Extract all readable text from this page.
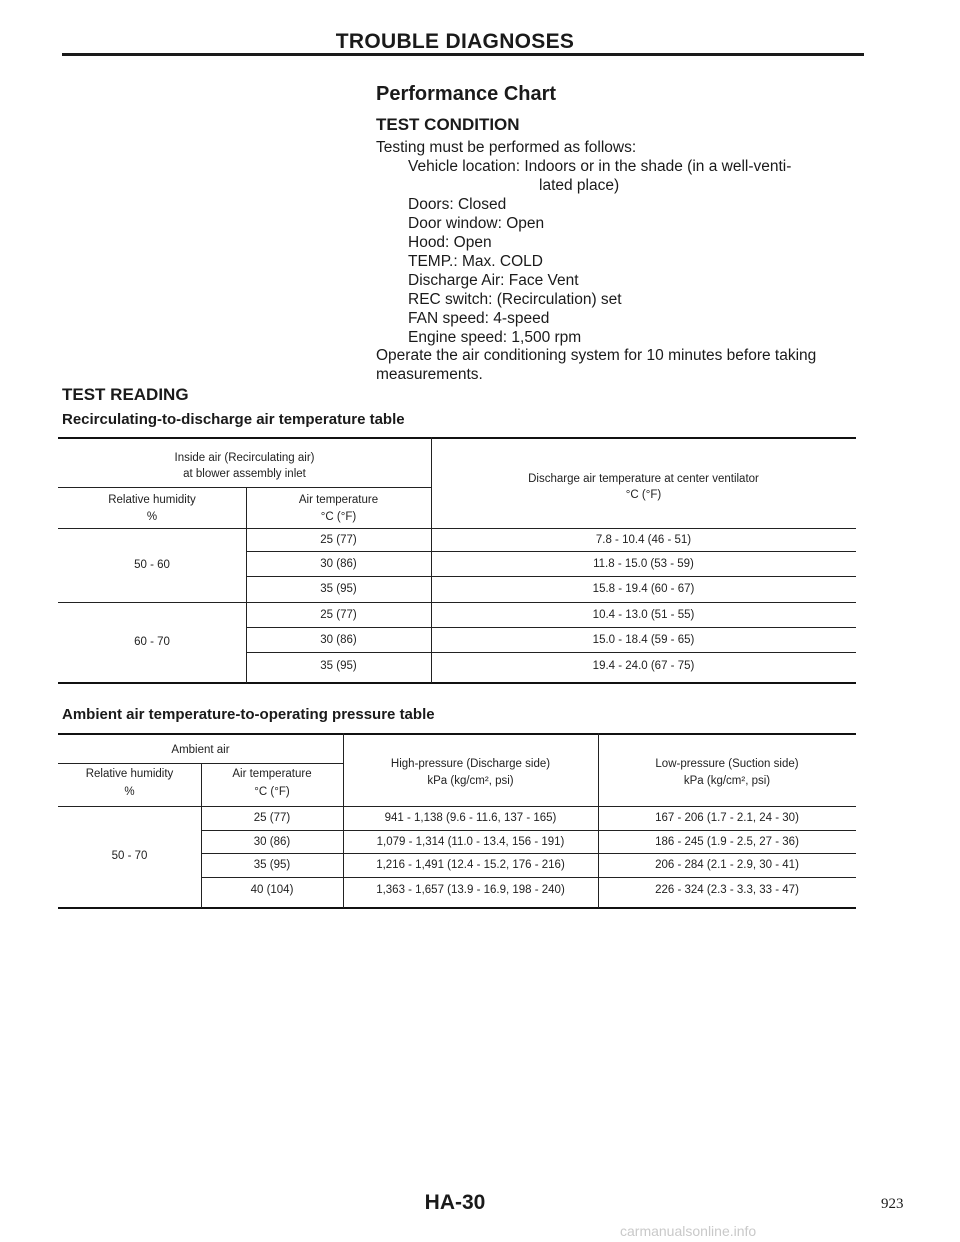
TROUBLE DIAGNOSES
Performance Chart
TEST CONDITION
Testing must be performed as follows:
Vehicle location: Indoors or in the shade (in a well-venti-
lated place)
Doors: Closed
Door window: Open
Hood: Open
TEMP.: Max. COLD
Discharge Air: Face Vent
REC switch: (Recirculation) set
FAN speed: 4-speed
Engine speed: 1,500 rpm
Operate the air conditioning system for 10 minutes before taking measurements.
TEST READING
Recirculating-to-discharge air temperature table
Inside air (Recirculating air)
at blower assembly inlet
Relative humidity
%
Air temperature
°C (°F)
Discharge air temperature at center ventilator
°C (°F)
50 - 60
25 (77)	7.8 - 10.4 (46 - 51)
30 (86)	11.8 - 15.0 (53 - 59)
35 (95)	15.8 - 19.4 (60 - 67)
60 - 70
25 (77)	10.4 - 13.0 (51 - 55)
30 (86)	15.0 - 18.4 (59 - 65)
35 (95)	19.4 - 24.0 (67 - 75)
Ambient air temperature-to-operating pressure table
Ambient air
Relative humidity
%
Air temperature
°C (°F)
High-pressure (Discharge side)
kPa (kg/cm², psi)
Low-pressure (Suction side)
kPa (kg/cm², psi)
50 - 70
25 (77)	941 - 1,138 (9.6 - 11.6, 137 - 165)	167 - 206 (1.7 - 2.1, 24 - 30)
30 (86)	1,079 - 1,314 (11.0 - 13.4, 156 - 191)	186 - 245 (1.9 - 2.5, 27 - 36)
35 (95)	1,216 - 1,491 (12.4 - 15.2, 176 - 216)	206 - 284 (2.1 - 2.9, 30 - 41)
40 (104)	1,363 - 1,657 (13.9 - 16.9, 198 - 240)	226 - 324 (2.3 - 3.3, 33 - 47)
HA-30	923
carmanualsonline.info
